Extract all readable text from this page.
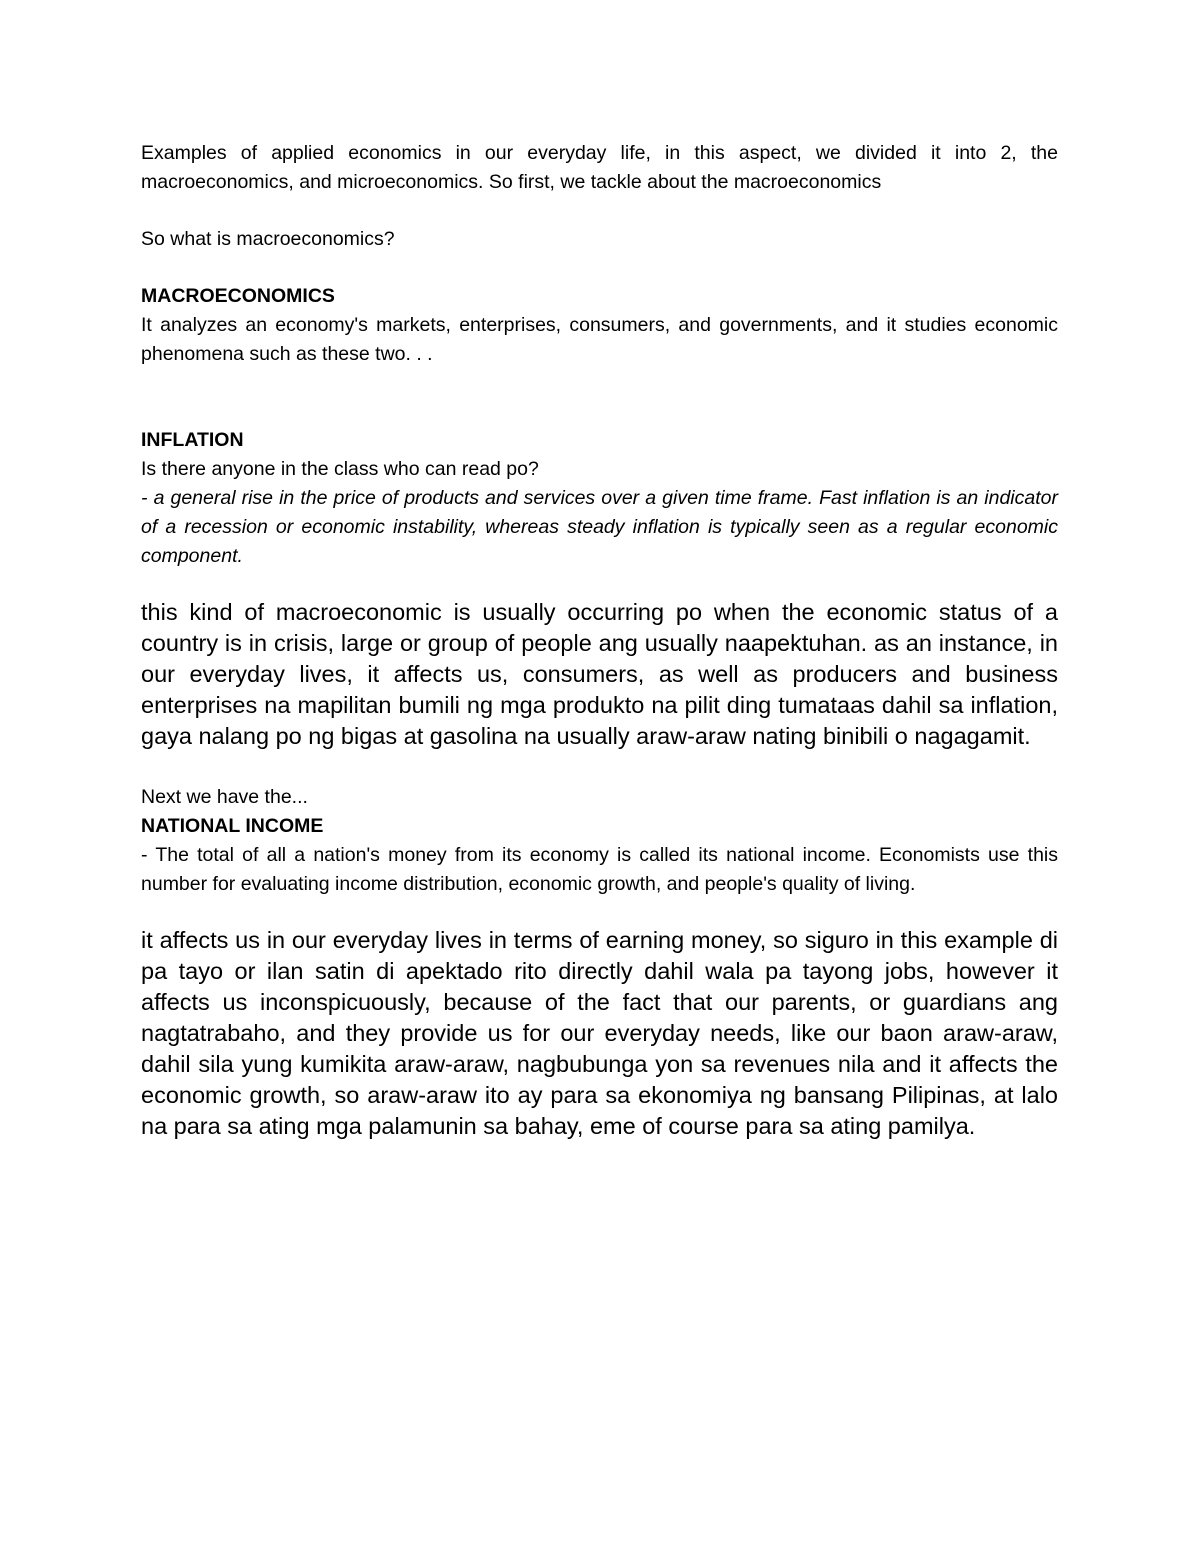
Examples of applied economics in our everyday life, in this aspect, we divided it into 2, the macroeconomics, and microeconomics. So first, we tackle about the macroeconomics

So what is macroeconomics?

MACROECONOMICS

It analyzes an economy's markets, enterprises, consumers, and governments, and it studies economic phenomena such as these two. . .

INFLATION

Is there anyone in the class who can read po?

- a general rise in the price of products and services over a given time frame. Fast inflation is an indicator of a recession or economic instability, whereas steady inflation is typically seen as a regular economic component.

this kind of macroeconomic is usually occurring po when the economic status of a country is in crisis, large or group of people ang usually naapektuhan. as an instance, in our everyday lives, it affects us, consumers, as well as producers and business enterprises na mapilitan bumili ng mga produkto na pilit ding tumataas dahil sa inflation, gaya nalang po ng bigas at gasolina na usually araw-araw nating binibili o nagagamit.

Next we have the...

NATIONAL INCOME

- The total of all a nation's money from its economy is called its national income. Economists use this number for evaluating income distribution, economic growth, and people's quality of living.

it affects us in our everyday lives in terms of earning money, so siguro in this example di pa tayo or ilan satin di apektado rito directly dahil wala pa tayong jobs, however it affects us inconspicuously, because of the fact that our parents, or guardians ang nagtatrabaho, and they provide us for our everyday needs, like our baon araw-araw, dahil sila yung kumikita araw-araw, nagbubunga yon sa revenues nila and it affects the economic growth, so araw-araw ito ay para sa ekonomiya ng bansang Pilipinas, at lalo na para sa ating mga palamunin sa bahay, eme of course para sa ating pamilya.
